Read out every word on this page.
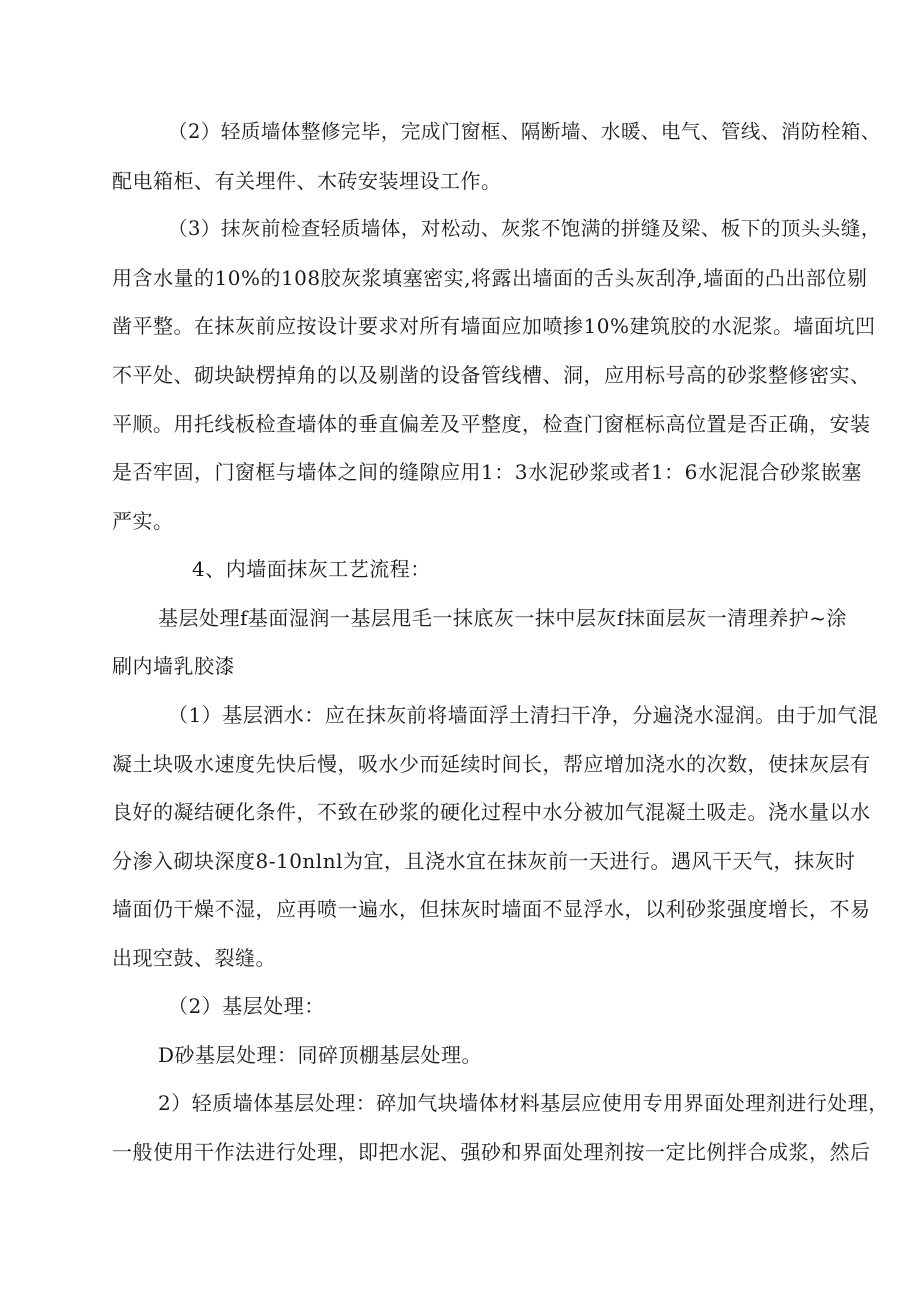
（2）轻质墙体整修完毕，完成门窗框、隔断墙、水暖、电气、管线、消防栓箱、
配电箱柜、有关埋件、木砖安装埋设工作。
（3）抹灰前检查轻质墙体，对松动、灰浆不饱满的拼缝及梁、板下的顶头头缝，
用含水量的10%的108胶灰浆填塞密实,将露出墙面的舌头灰刮净,墙面的凸出部位剔
凿平整。在抹灰前应按设计要求对所有墙面应加喷掺10%建筑胶的水泥浆。墙面坑凹
不平处、砌块缺楞掉角的以及剔凿的设备管线槽、洞，应用标号高的砂浆整修密实、
平顺。用托线板检查墙体的垂直偏差及平整度，检查门窗框标高位置是否正确，安装
是否牢固，门窗框与墙体之间的缝隙应用1：3水泥砂浆或者1：6水泥混合砂浆嵌塞
严实。
4、内墙面抹灰工艺流程：
基层处理f基面湿润一基层甩毛一抹底灰一抹中层灰f抹面层灰一清理养护~涂
刷内墙乳胶漆
（1）基层洒水：应在抹灰前将墙面浮土清扫干净，分遍浇水湿润。由于加气混
凝土块吸水速度先快后慢，吸水少而延续时间长，帮应增加浇水的次数，使抹灰层有
良好的凝结硬化条件，不致在砂浆的硬化过程中水分被加气混凝土吸走。浇水量以水
分渗入砌块深度8-10nlnl为宜，且浇水宜在抹灰前一天进行。遇风干天气，抹灰时
墙面仍干燥不湿，应再喷一遍水，但抹灰时墙面不显浮水，以利砂浆强度增长，不易
出现空鼓、裂缝。
（2）基层处理：
D砂基层处理：同碎顶棚基层处理。
2）轻质墙体基层处理：碎加气块墙体材料基层应使用专用界面处理剂进行处理，
一般使用干作法进行处理，即把水泥、强砂和界面处理剂按一定比例拌合成浆，然后
